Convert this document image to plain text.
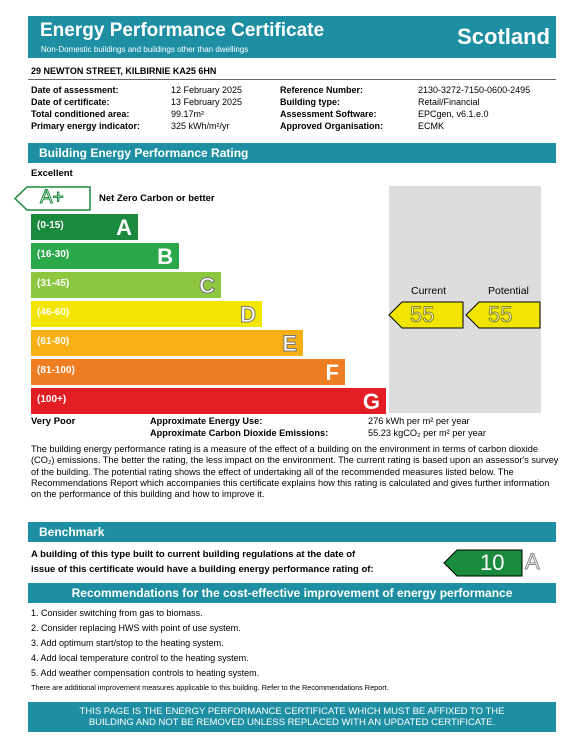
Energy Performance Certificate
Non-Domestic buildings and buildings other than dwellings
Scotland
29 NEWTON STREET, KILBIRNIE KA25 6HN
Date of assessment:	12 February 2025
Date of certificate:	13 February 2025
Total conditioned area:	99.17m²
Primary energy indicator:	325 kWh/m²/yr
Reference Number:	2130-3272-7150-0600-2495
Building type:	Retail/Financial
Assessment Software:	EPCgen, v6.1.e.0
Approved Organisation:	ECMK
Building Energy Performance Rating
Excellent
A+	Net Zero Carbon or better
(0-15) A
(16-30)	B
(31-45)	C
(46-60)	D
(61-80)	E
(81-100)	F
(100+)	G
Current	Potential
55 55
Very Poor	Approximate Energy Use:	276 kWh per m² per year
Approximate Carbon Dioxide Emissions:	55.23 kgCO₂ per m² per year
The building energy performance rating is a measure of the effect of a building on the environment in terms of carbon dioxide (CO₂) emissions. The better the rating, the less impact on the environment. The current rating is based upon an assessor's survey of the building. The potential rating shows the effect of undertaking all of the recommended measures listed below. The Recommendations Report which accompanies this certificate explains how this rating is calculated and gives further information on the performance of this building and how to improve it.
Benchmark
A building of this type built to current building regulations at the date of
issue of this certificate would have a building energy performance rating of:	10 A
Recommendations for the cost-effective improvement of energy performance
1. Consider switching from gas to biomass.
2. Consider replacing HWS with point of use system.
3. Add optimum start/stop to the heating system.
4. Add local temperature control to the heating system.
5. Add weather compensation controls to heating system.
There are additional improvement measures applicable to this building. Refer to the Recommendations Report.
THIS PAGE IS THE ENERGY PERFORMANCE CERTIFICATE WHICH MUST BE AFFIXED TO THE
BUILDING AND NOT BE REMOVED UNLESS REPLACED WITH AN UPDATED CERTIFICATE.
